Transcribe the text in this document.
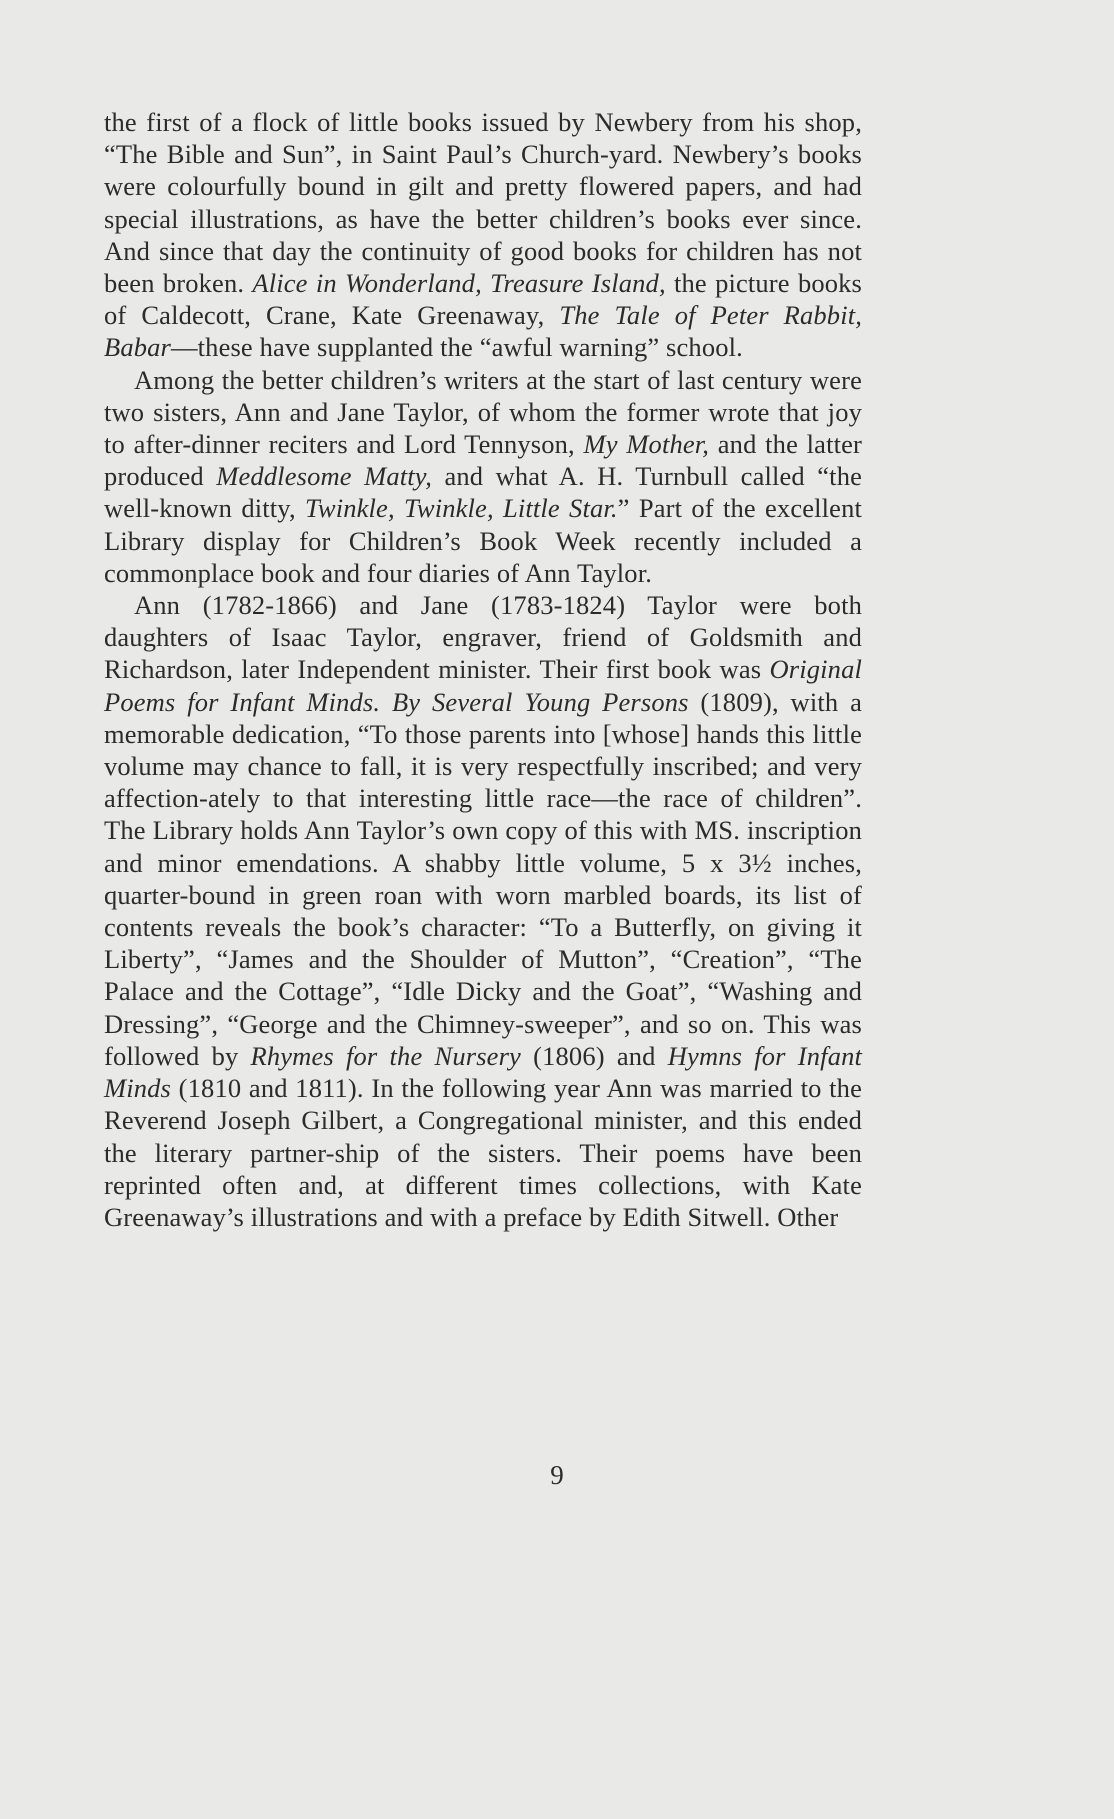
the first of a flock of little books issued by Newbery from his shop, “The Bible and Sun”, in Saint Paul’s Church-yard. Newbery’s books were colourfully bound in gilt and pretty flowered papers, and had special illustrations, as have the better children’s books ever since. And since that day the continuity of good books for children has not been broken. Alice in Wonderland, Treasure Island, the picture books of Caldecott, Crane, Kate Greenaway, The Tale of Peter Rabbit, Babar—these have supplanted the “awful warning” school.

Among the better children’s writers at the start of last century were two sisters, Ann and Jane Taylor, of whom the former wrote that joy to after-dinner reciters and Lord Tennyson, My Mother, and the latter produced Meddlesome Matty, and what A. H. Turnbull called “the well-known ditty, Twinkle, Twinkle, Little Star.” Part of the excellent Library display for Children’s Book Week recently included a commonplace book and four diaries of Ann Taylor.

Ann (1782-1866) and Jane (1783-1824) Taylor were both daughters of Isaac Taylor, engraver, friend of Goldsmith and Richardson, later Independent minister. Their first book was Original Poems for Infant Minds. By Several Young Persons (1809), with a memorable dedication, “To those parents into [whose] hands this little volume may chance to fall, it is very respectfully inscribed; and very affection-ately to that interesting little race—the race of children”. The Library holds Ann Taylor’s own copy of this with MS. inscription and minor emendations. A shabby little volume, 5 x 3½ inches, quarter-bound in green roan with worn marbled boards, its list of contents reveals the book’s character: “To a Butterfly, on giving it Liberty”, “James and the Shoulder of Mutton”, “Creation”, “The Palace and the Cottage”, “Idle Dicky and the Goat”, “Washing and Dressing”, “George and the Chimney-sweeper”, and so on. This was followed by Rhymes for the Nursery (1806) and Hymns for Infant Minds (1810 and 1811). In the following year Ann was married to the Reverend Joseph Gilbert, a Congregational minister, and this ended the literary partner-ship of the sisters. Their poems have been reprinted often and, at different times collections, with Kate Greenaway’s illustrations and with a preface by Edith Sitwell. Other

9
